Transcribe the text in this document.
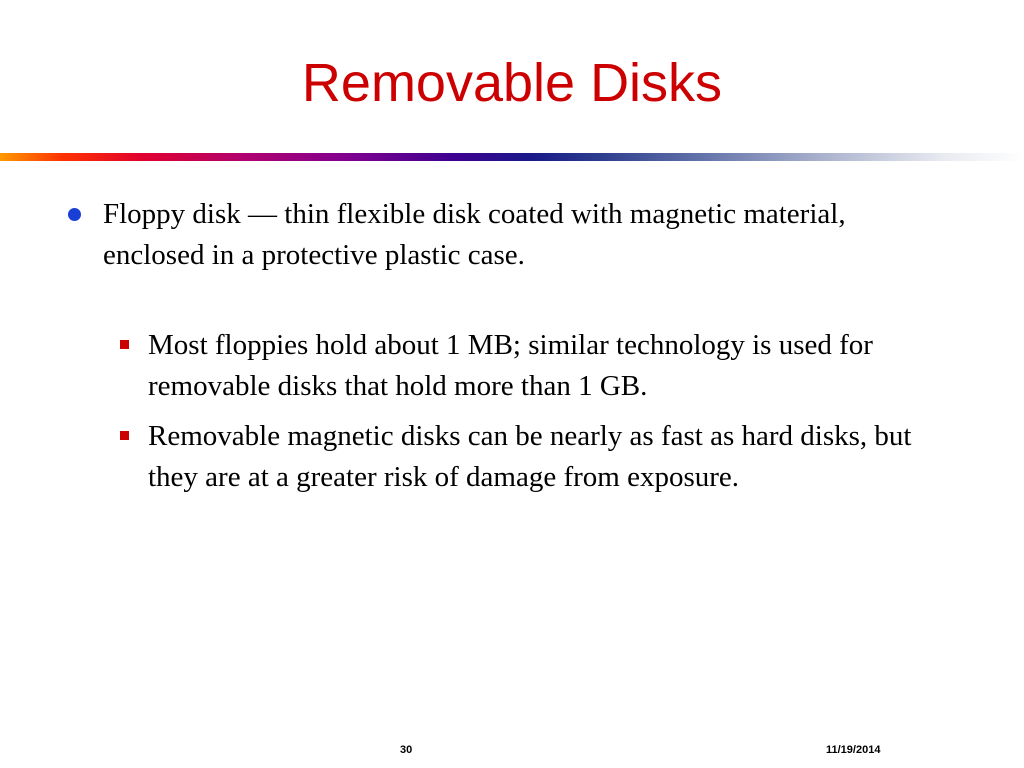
Removable Disks
Floppy disk — thin flexible disk coated with magnetic material, enclosed in a protective plastic case.
Most floppies hold about 1 MB; similar technology is used for removable disks that hold more than 1 GB.
Removable magnetic disks can be nearly as fast as hard disks, but they are at a greater risk of damage from exposure.
30	11/19/2014
